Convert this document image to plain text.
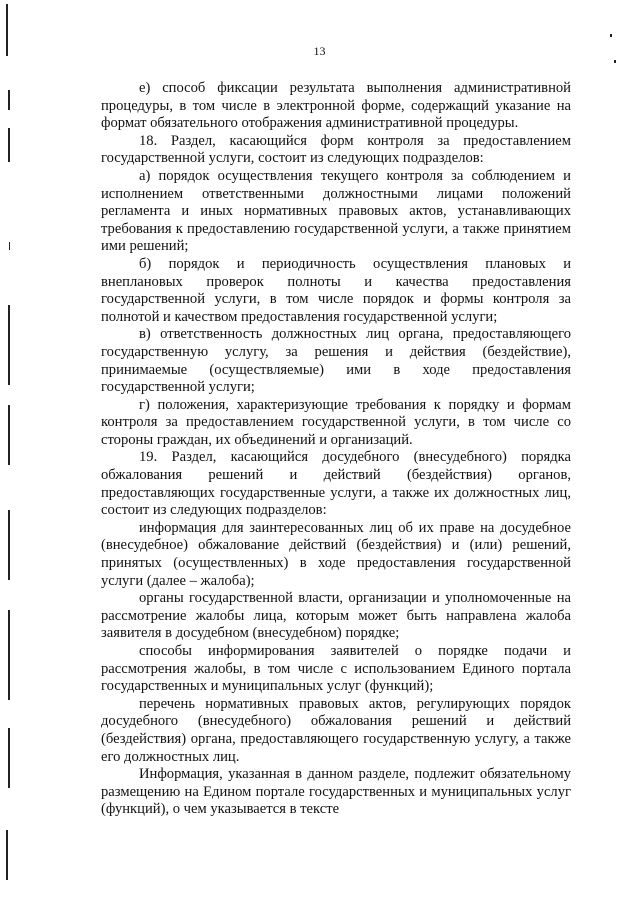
13

е) способ фиксации результата выполнения административной процедуры, в том числе в электронной форме, содержащий указание на формат обязательного отображения административной процедуры.

18. Раздел, касающийся форм контроля за предоставлением государственной услуги, состоит из следующих подразделов:

а) порядок осуществления текущего контроля за соблюдением и исполнением ответственными должностными лицами положений регламента и иных нормативных правовых актов, устанавливающих требования к предоставлению государственной услуги, а также принятием ими решений;

б) порядок и периодичность осуществления плановых и внеплановых проверок полноты и качества предоставления государственной услуги, в том числе порядок и формы контроля за полнотой и качеством предоставления государственной услуги;

в) ответственность должностных лиц органа, предоставляющего государственную услугу, за решения и действия (бездействие), принимаемые (осуществляемые) ими в ходе предоставления государственной услуги;

г) положения, характеризующие требования к порядку и формам контроля за предоставлением государственной услуги, в том числе со стороны граждан, их объединений и организаций.

19. Раздел, касающийся досудебного (внесудебного) порядка обжалования решений и действий (бездействия) органов, предоставляющих государственные услуги, а также их должностных лиц, состоит из следующих подразделов:

информация для заинтересованных лиц об их праве на досудебное (внесудебное) обжалование действий (бездействия) и (или) решений, принятых (осуществленных) в ходе предоставления государственной услуги (далее – жалоба);

органы государственной власти, организации и уполномоченные на рассмотрение жалобы лица, которым может быть направлена жалоба заявителя в досудебном (внесудебном) порядке;

способы информирования заявителей о порядке подачи и рассмотрения жалобы, в том числе с использованием Единого портала государственных и муниципальных услуг (функций);

перечень нормативных правовых актов, регулирующих порядок досудебного (внесудебного) обжалования решений и действий (бездействия) органа, предоставляющего государственную услугу, а также его должностных лиц.

Информация, указанная в данном разделе, подлежит обязательному размещению на Едином портале государственных и муниципальных услуг (функций), о чем указывается в тексте
